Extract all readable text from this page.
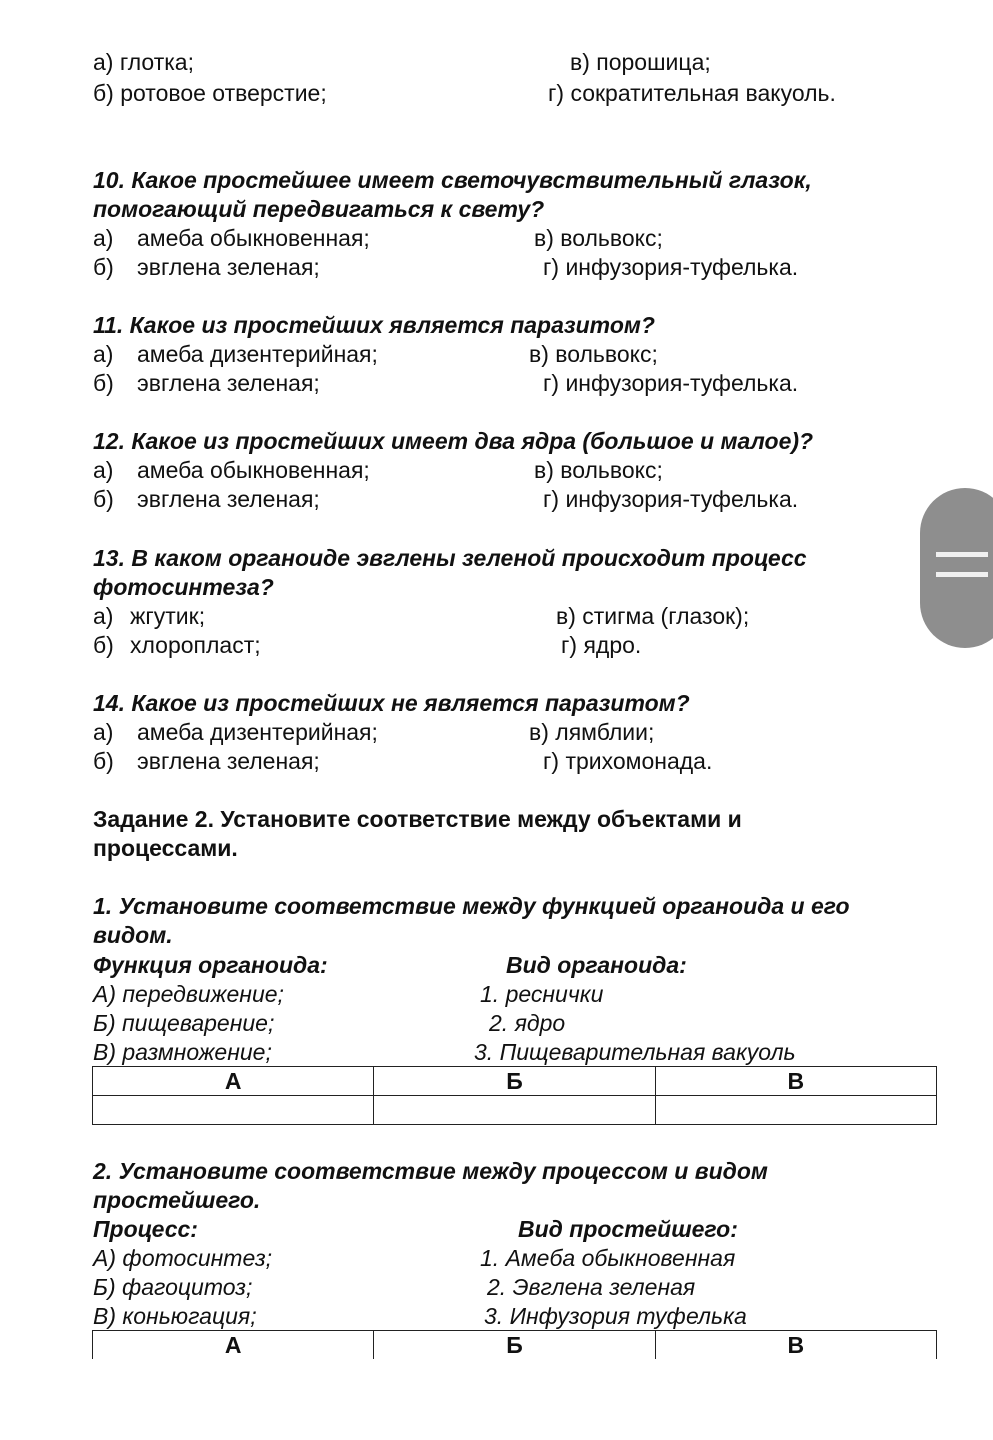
а) глотка;	в) порошица;
б) ротовое отверстие;	г) сократительная вакуоль.
10. Какое простейшее имеет светочувствительный глазок,
помогающий передвигаться к свету?
а) амеба обыкновенная;	в) вольвокс;
б) эвглена зеленая;	г) инфузория-туфелька.
11. Какое из простейших является паразитом?
а) амеба дизентерийная;	в) вольвокс;
б) эвглена зеленая;	г) инфузория-туфелька.
12. Какое из простейших имеет два ядра (большое и малое)?
а) амеба обыкновенная;	в) вольвокс;
б) эвглена зеленая;	г) инфузория-туфелька.
13. В каком органоиде эвглены зеленой происходит процесс
фотосинтеза?
а) жгутик;	в) стигма (глазок);
б) хлоропласт;	г) ядро.
14. Какое из простейших не является паразитом?
а) амеба дизентерийная;	в) лямблии;
б) эвглена зеленая;	г) трихомонада.
Задание 2. Установите соответствие между объектами и
процессами.
1. Установите соответствие между функцией органоида и его
видом.
Функция органоида:	Вид органоида:
А) передвижение;	1. реснички
Б) пищеварение;	2. ядро
В) размножение;	3. Пищеварительная вакуоль
А	Б	В

2. Установите соответствие между процессом и видом
простейшего.
Процесс:	Вид простейшего:
А) фотосинтез;	1. Амеба обыкновенная
Б) фагоцитоз;	2. Эвглена зеленая
В) коньюгация;	3. Инфузория туфелька
А	Б	В
